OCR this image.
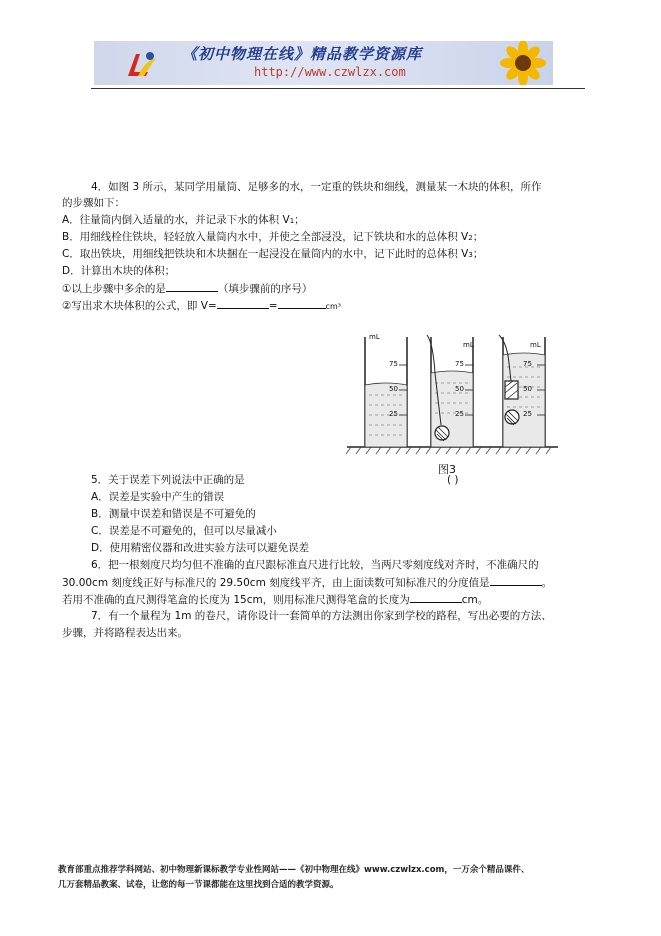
《初中物理在线》精品教学资源库
http://www.czwlzx.com
4．如图 3 所示，某同学用量筒、足够多的水，一定重的铁块和细线，测量某一木块的体积，所作
的步骤如下：
A．往量筒内倒入适量的水，并记录下水的体积 V1；
B．用细线栓住铁块，轻轻放入量筒内水中，并使之全部浸没，记下铁块和水的总体积 V2；
C．取出铁块，用细线把铁块和木块捆在一起浸没在量筒内的水中，记下此时的总体积 V3；
D．计算出木块的体积；
①以上步骤中多余的是	（填步骤前的序号）
②写出求木块体积的公式，即 V=	=	cm³
mL
75
50
25
mL
75
50
25
mL
75
50
25
图3
5．关于误差下列说法中正确的是	( )
A．误差是实验中产生的错误
B．测量中误差和错误是不可避免的
C．误差是不可避免的，但可以尽量减小
D．使用精密仪器和改进实验方法可以避免误差
6．把一根刻度尺均匀但不准确的直尺跟标准直尺进行比较，当两尺零刻度线对齐时，不准确尺的
30.00cm 刻度线正好与标准尺的 29.50cm 刻度线平齐，由上面读数可知标准尺的分度值是	。
若用不准确的直尺测得笔盒的长度为 15cm，则用标准尺测得笔盒的长度为	cm。
7．有一个量程为 1m 的卷尺，请你设计一套简单的方法测出你家到学校的路程，写出必要的方法、
步骤，并将路程表达出来。
教育部重点推荐学科网站、初中物理新课标教学专业性网站——《初中物理在线》www.czwlzx.com，一万余个精品课件、
几万套精品教案、试卷，让您的每一节课都能在这里找到合适的教学资源。
